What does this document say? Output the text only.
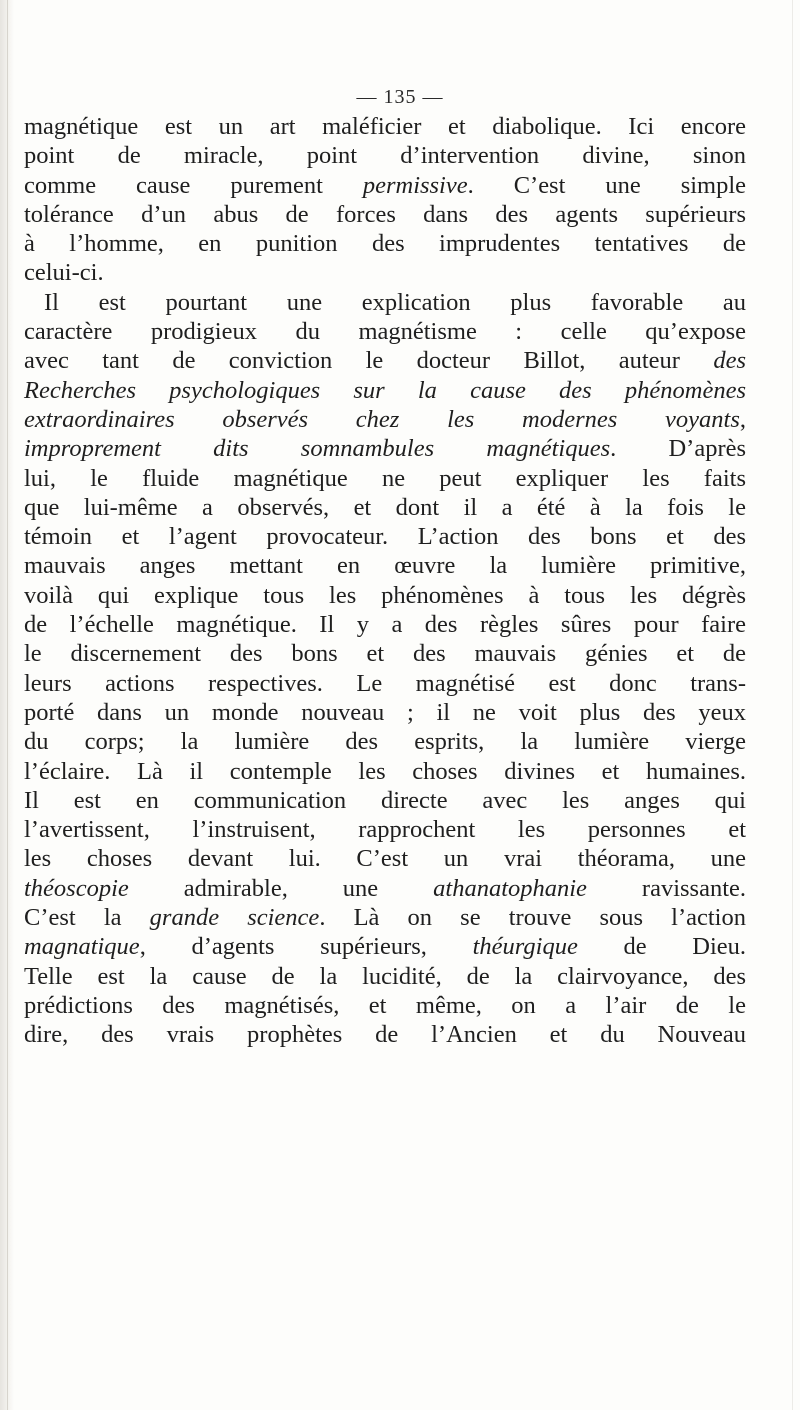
— 135 —
magnétique est un art maléficier et diabolique. Ici encore
point de miracle, point d’intervention divine, sinon
comme cause purement permissive. C’est une simple
tolérance d’un abus de forces dans des agents supérieurs
à l’homme, en punition des imprudentes tentatives de
celui-ci.
Il est pourtant une explication plus favorable au
caractère prodigieux du magnétisme : celle qu’expose
avec tant de conviction le docteur Billot, auteur des
Recherches psychologiques sur la cause des phénomènes
extraordinaires observés chez les modernes voyants,
improprement dits somnambules magnétiques. D’après
lui, le fluide magnétique ne peut expliquer les faits
que lui-même a observés, et dont il a été à la fois le
témoin et l’agent provocateur. L’action des bons et des
mauvais anges mettant en œuvre la lumière primitive,
voilà qui explique tous les phénomènes à tous les dégrès
de l’échelle magnétique. Il y a des règles sûres pour faire
le discernement des bons et des mauvais génies et de
leurs actions respectives. Le magnétisé est donc trans-
porté dans un monde nouveau ; il ne voit plus des yeux
du corps; la lumière des esprits, la lumière vierge
l’éclaire. Là il contemple les choses divines et humaines.
Il est en communication directe avec les anges qui
l’avertissent, l’instruisent, rapprochent les personnes et
les choses devant lui. C’est un vrai théorama, une
théoscopie admirable, une athanatophanie ravissante.
C’est la grande science. Là on se trouve sous l’action
magnatique, d’agents supérieurs, théurgique de Dieu.
Telle est la cause de la lucidité, de la clairvoyance, des
prédictions des magnétisés, et même, on a l’air de le
dire, des vrais prophètes de l’Ancien et du Nouveau
